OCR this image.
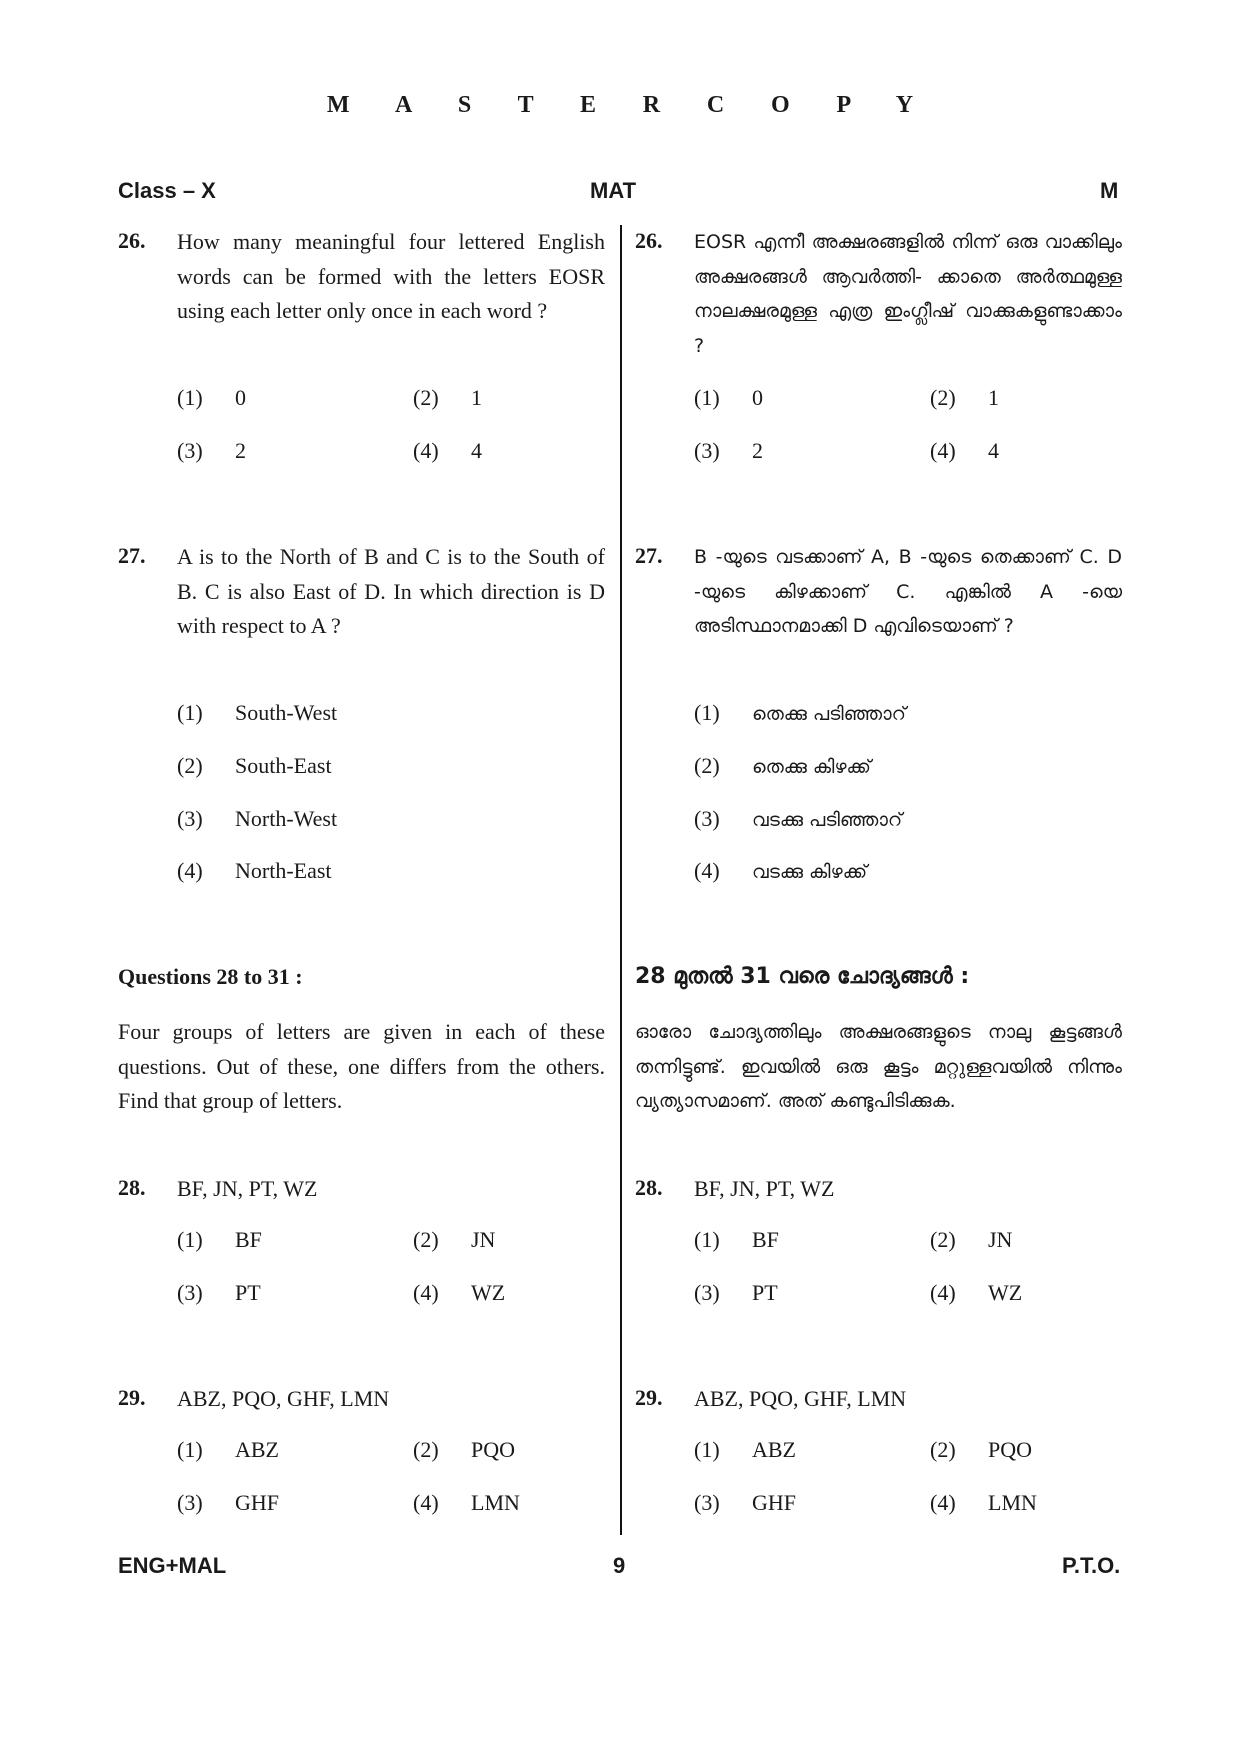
M A S T E R C O P Y
Class – X	MAT	M
26. How many meaningful four lettered English words can be formed with the letters EOSR using each letter only once in each word ?
(1) 0	(2) 1
(3) 2	(4) 4
27. A is to the North of B and C is to the South of B. C is also East of D. In which direction is D with respect to A ?
(1) South-West
(2) South-East
(3) North-West
(4) North-East
Questions 28 to 31 :
Four groups of letters are given in each of these questions. Out of these, one differs from the others. Find that group of letters.
28. BF, JN, PT, WZ
(1) BF	(2) JN
(3) PT	(4) WZ
29. ABZ, PQO, GHF, LMN
(1) ABZ	(2) PQO
(3) GHF	(4) LMN
26. EOSR എന്നീ അക്ഷരങ്ങളിൽ നിന്ന് ഒരു വാക്കിലും അക്ഷരങ്ങൾ ആവർത്തി- ക്കാതെ അർത്ഥമുള്ള നാലക്ഷരമുള്ള എത്ര ഇംഗ്ലീഷ് വാക്കുകളുണ്ടാക്കാം ?
(1) 0	(2) 1
(3) 2	(4) 4
27. B -യുടെ വടക്കാണ് A, B -യുടെ തെക്കാണ് C. D -യുടെ കിഴക്കാണ് C. എങ്കിൽ A -യെ അടിസ്ഥാനമാക്കി D എവിടെയാണ് ?
(1) തെക്കു പടിഞ്ഞാറ്
(2) തെക്കു കിഴക്ക്
(3) വടക്കു പടിഞ്ഞാറ്
(4) വടക്കു കിഴക്ക്
28 മുതൽ 31 വരെ ചോദ്യങ്ങൾ :
ഓരോ ചോദ്യത്തിലും അക്ഷരങ്ങളുടെ നാലു കൂട്ടങ്ങൾ തന്നിട്ടുണ്ട്. ഇവയിൽ ഒരു കൂട്ടം മറ്റുള്ളവയിൽ നിന്നും വ്യത്യാസമാണ്. അത് കണ്ടുപിടിക്കുക.
28. BF, JN, PT, WZ
(1) BF	(2) JN
(3) PT	(4) WZ
29. ABZ, PQO, GHF, LMN
(1) ABZ	(2) PQO
(3) GHF	(4) LMN
ENG+MAL	9	P.T.O.
